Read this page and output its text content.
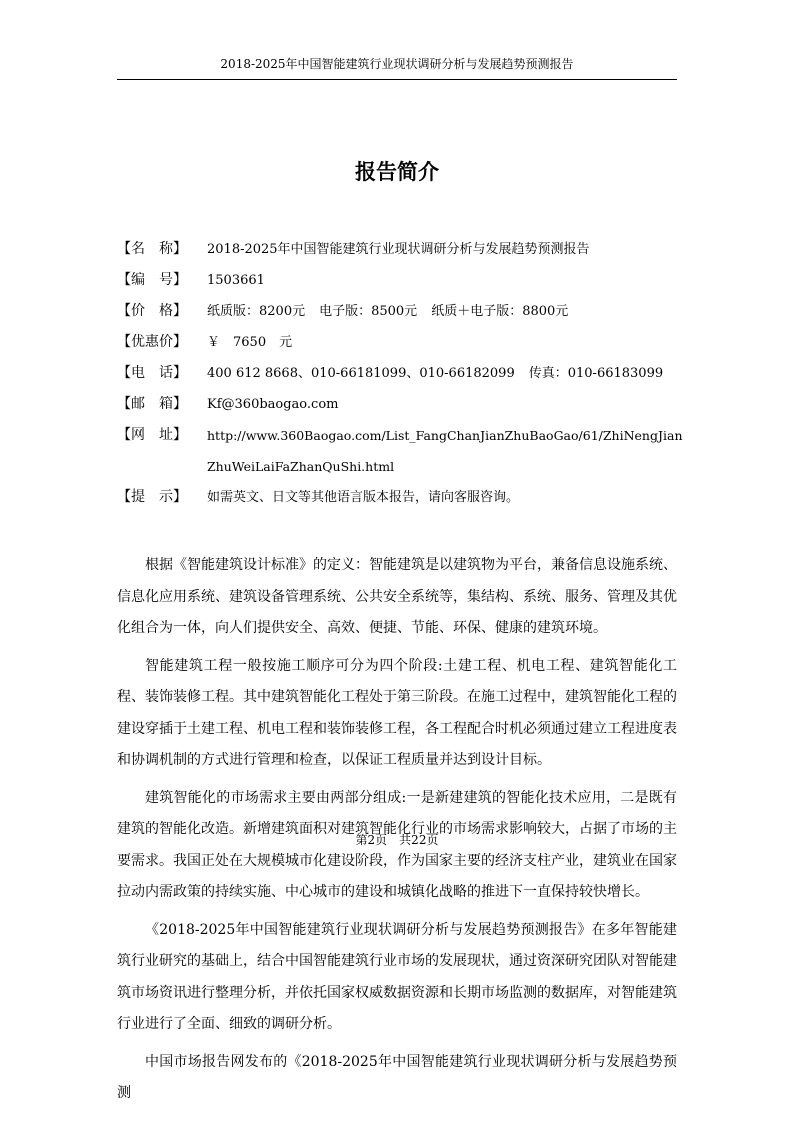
2018-2025年中国智能建筑行业现状调研分析与发展趋势预测报告
报告简介
【名　称】	2018-2025年中国智能建筑行业现状调研分析与发展趋势预测报告
【编　号】	1503661
【价　格】	纸质版：8200元 电子版：8500元 纸质＋电子版：8800元
【优惠价】	￥　7650　元
【电　话】	400 612 8668、010-66181099、010-66182099 传真：010-66183099
【邮　箱】	Kf@360baogao.com
【网　址】	http://www.360Baogao.com/List_FangChanJianZhuBaoGao/61/ZhiNengJianZhuWeiLaiFaZhanQuShi.html
【提　示】	如需英文、日文等其他语言版本报告，请向客服咨询。

根据《智能建筑设计标准》的定义：智能建筑是以建筑物为平台，兼备信息设施系统、信息化应用系统、建筑设备管理系统、公共安全系统等，集结构、系统、服务、管理及其优化组合为一体，向人们提供安全、高效、便捷、节能、环保、健康的建筑环境。

智能建筑工程一般按施工顺序可分为四个阶段:土建工程、机电工程、建筑智能化工程、装饰装修工程。其中建筑智能化工程处于第三阶段。在施工过程中，建筑智能化工程的建设穿插于土建工程、机电工程和装饰装修工程，各工程配合时机必须通过建立工程进度表和协调机制的方式进行管理和检查，以保证工程质量并达到设计目标。

建筑智能化的市场需求主要由两部分组成:一是新建建筑的智能化技术应用，二是既有建筑的智能化改造。新增建筑面积对建筑智能化行业的市场需求影响较大，占据了市场的主要需求。我国正处在大规模城市化建设阶段，作为国家主要的经济支柱产业，建筑业在国家拉动内需政策的持续实施、中心城市的建设和城镇化战略的推进下一直保持较快增长。

《2018-2025年中国智能建筑行业现状调研分析与发展趋势预测报告》在多年智能建筑行业研究的基础上，结合中国智能建筑行业市场的发展现状，通过资深研究团队对智能建筑市场资讯进行整理分析，并依托国家权威数据资源和长期市场监测的数据库，对智能建筑行业进行了全面、细致的调研分析。

中国市场报告网发布的《2018-2025年中国智能建筑行业现状调研分析与发展趋势预测

第2页　共22页
